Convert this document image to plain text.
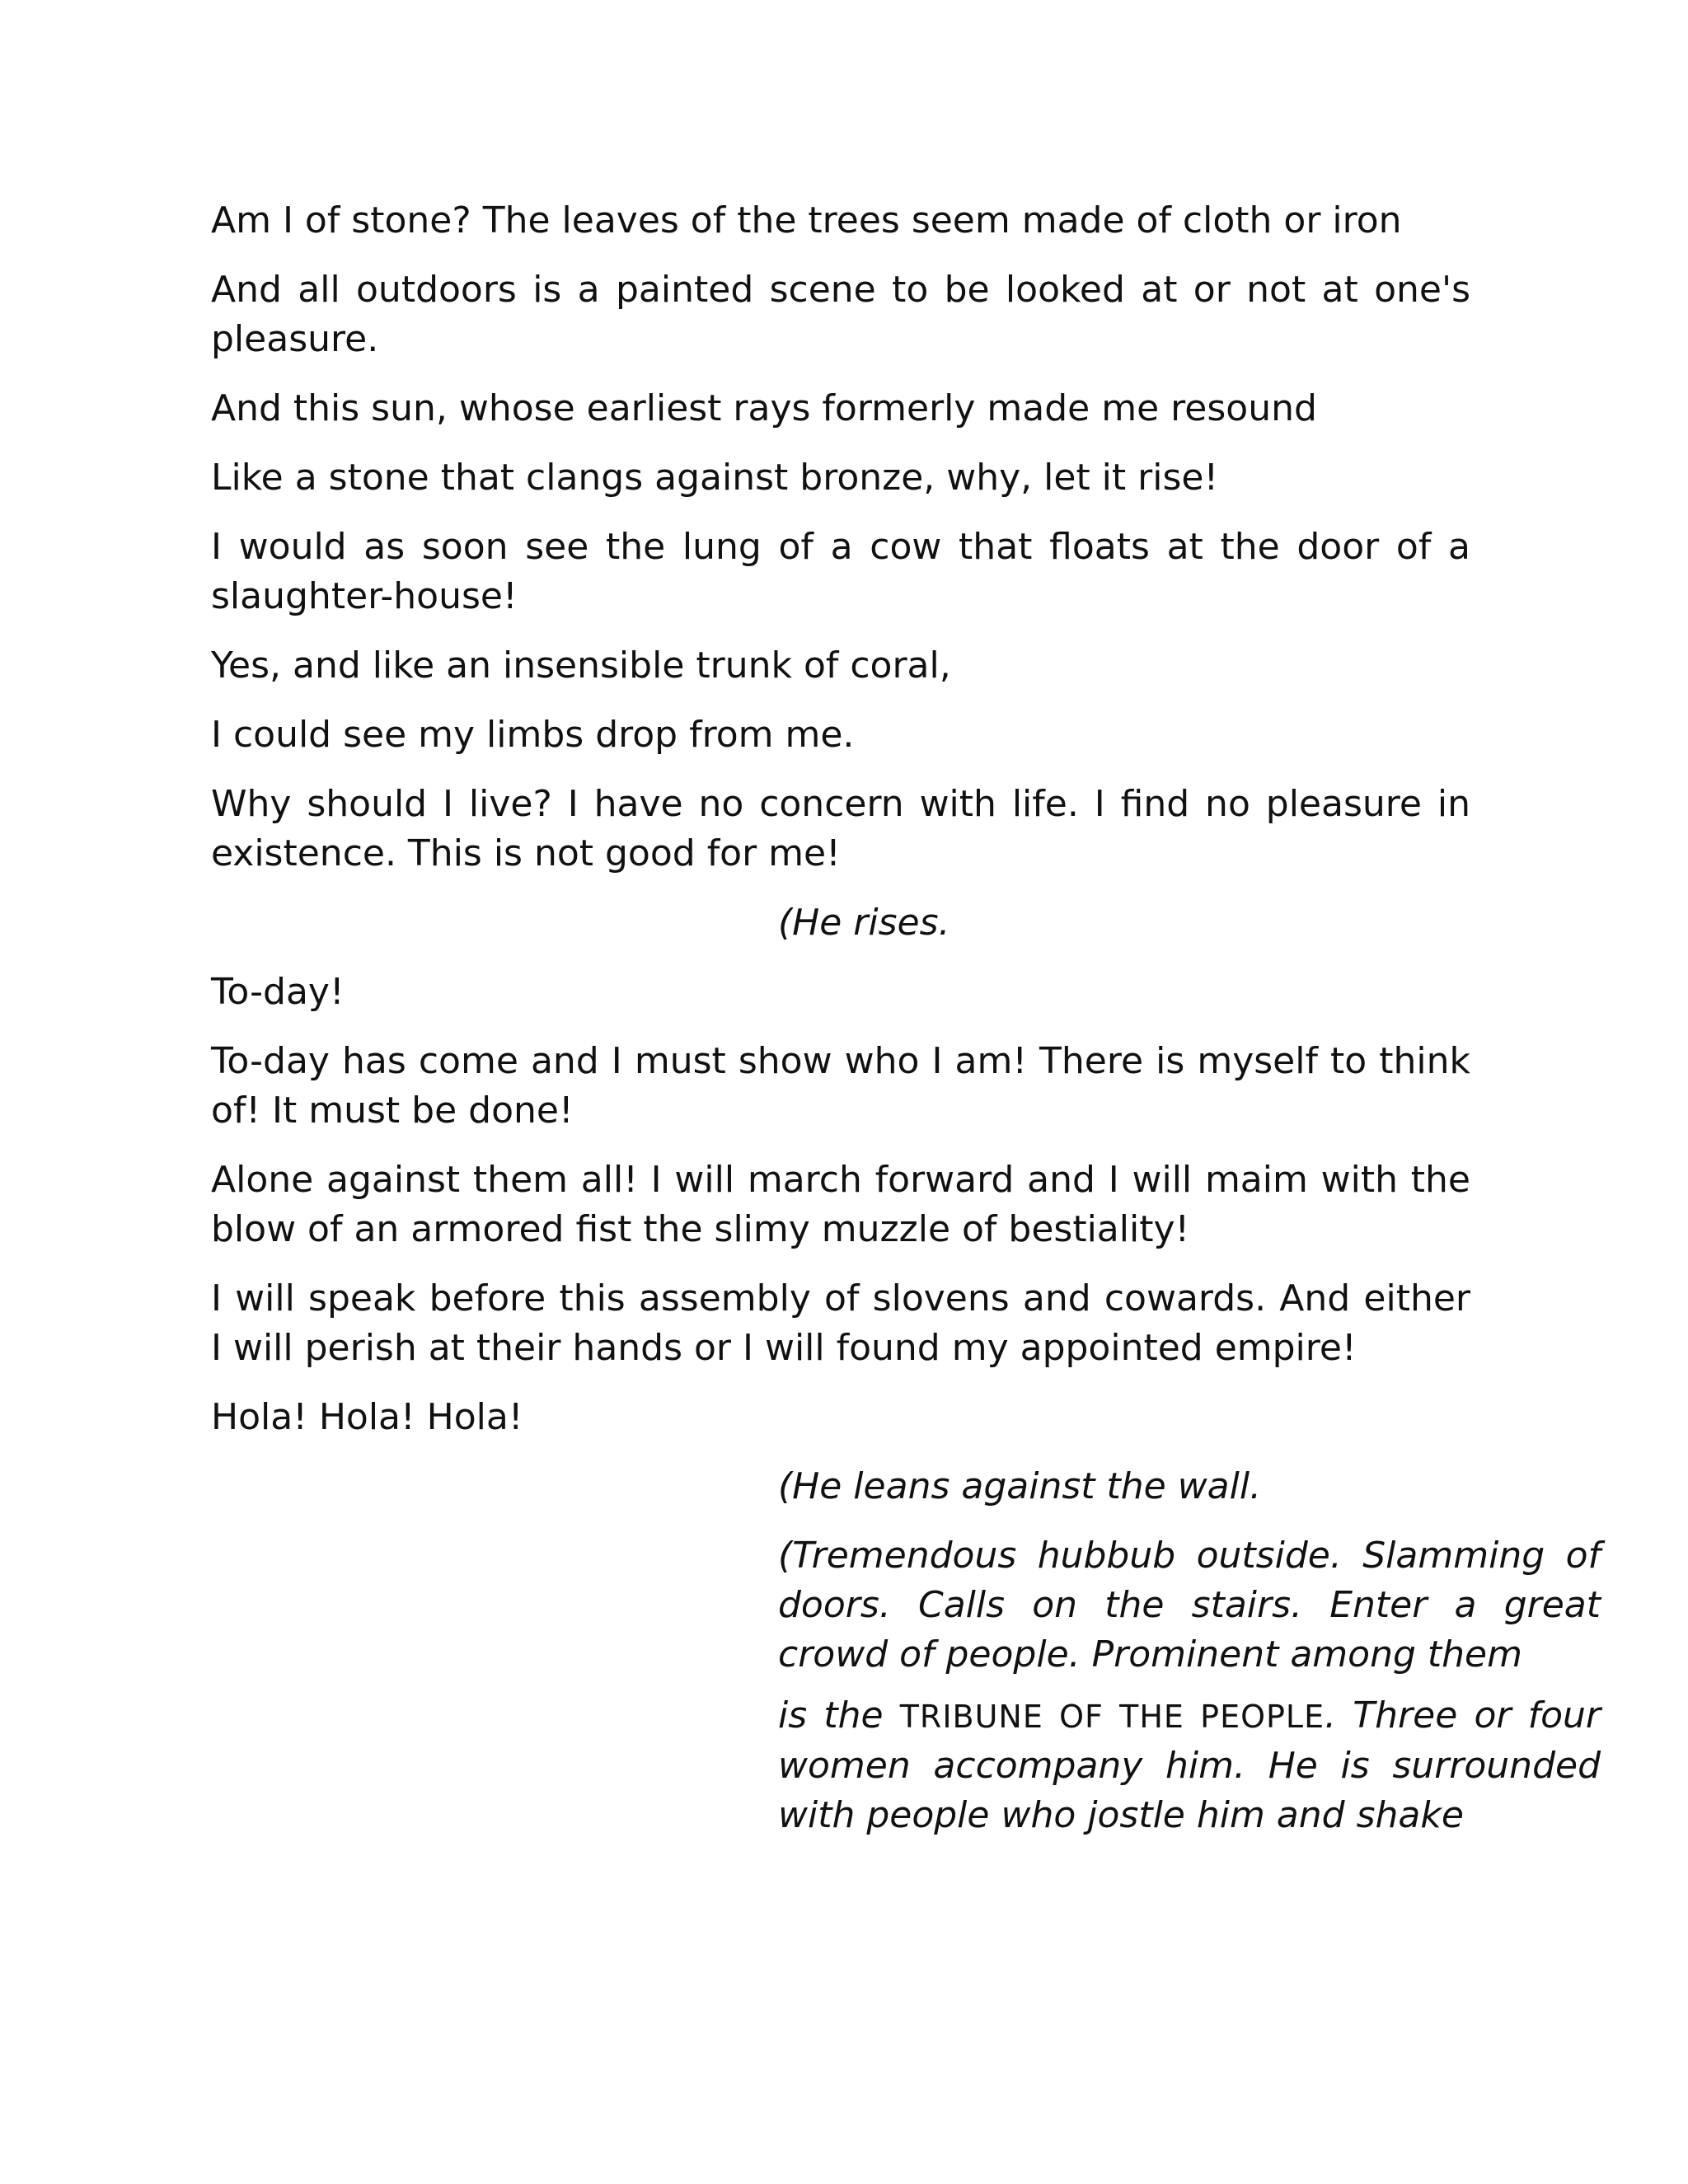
Am I of stone? The leaves of the trees seem made of cloth or iron

And all outdoors is a painted scene to be looked at or not at one's pleasure.

And this sun, whose earliest rays formerly made me resound

Like a stone that clangs against bronze, why, let it rise!

I would as soon see the lung of a cow that floats at the door of a slaughter-house!

Yes, and like an insensible trunk of coral,

I could see my limbs drop from me.

Why should I live? I have no concern with life. I find no pleasure in existence. This is not good for me!

(He rises.

To-day!

To-day has come and I must show who I am! There is myself to think of! It must be done!

Alone against them all! I will march forward and I will maim with the blow of an armored fist the slimy muzzle of bestiality!

I will speak before this assembly of slovens and cowards. And either I will perish at their hands or I will found my appointed empire!

Hola! Hola! Hola!

(He leans against the wall.

(Tremendous hubbub outside. Slamming of doors. Calls on the stairs. Enter a great crowd of people. Prominent among them

is the TRIBUNE OF THE PEOPLE. Three or four women accompany him. He is surrounded with people who jostle him and shake
